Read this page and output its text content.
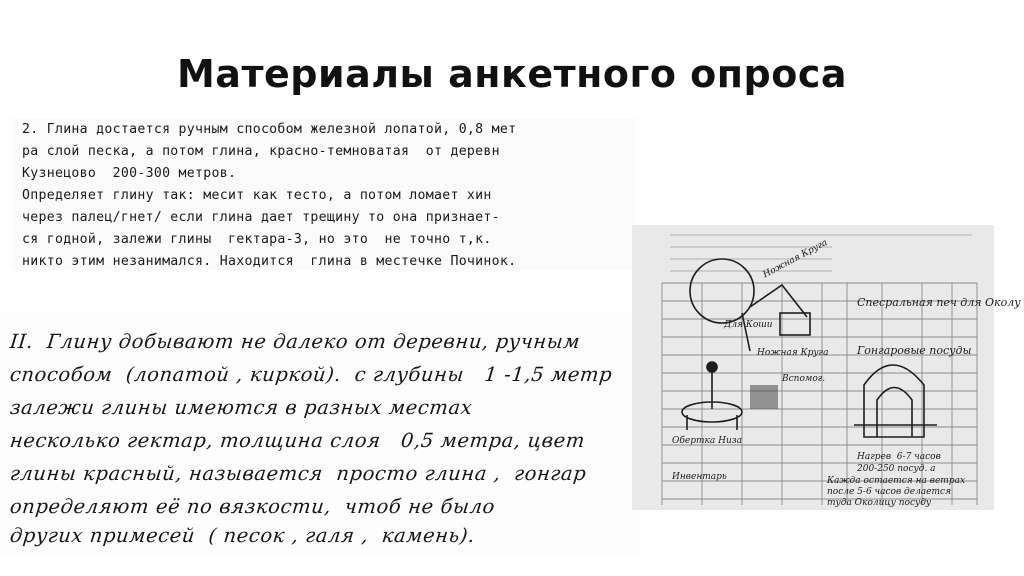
Материалы анкетного опроса
2. Глина достается ручным способом железной лопатой, 0,8 мет
ра слой песка, а потом глина, красно-темноватая  от деревн
Кузнецово  200-300 метров.
Определяет глину так: месит как тесто, а потом ломает хин
через палец/гнет/ если глина дает трещину то она признает-
ся годной, залежи глины  гектара-3, но это  не точно т,к.
никто этим незанимался. Находится  глина в местечке Починок.
II.  Глину добывают не далеко от деревни, ручным
способом  (лопатой , киркой).  с глубины   1 -1,5 метр
залежи глины имеются в разных местах
несколько гектар, толщина слоя   0,5 метра, цвет
глины красный, называется  просто глина ,  гонгар
определяют её по вязкости,  чтоб не было
других примесей  ( песок , галя ,  камень).
Спесральная печ для Околу
Гонгаровые посуды
Ножная Круга
Для Коши
Ножная Круга
Обертка Низа
Инвентарь
Вспомог.
Нагрев  6-7 часов
200-250 посуд. а
Кажда остается на ветрах
после 5-6 часов делается
туда Околицу посуду
